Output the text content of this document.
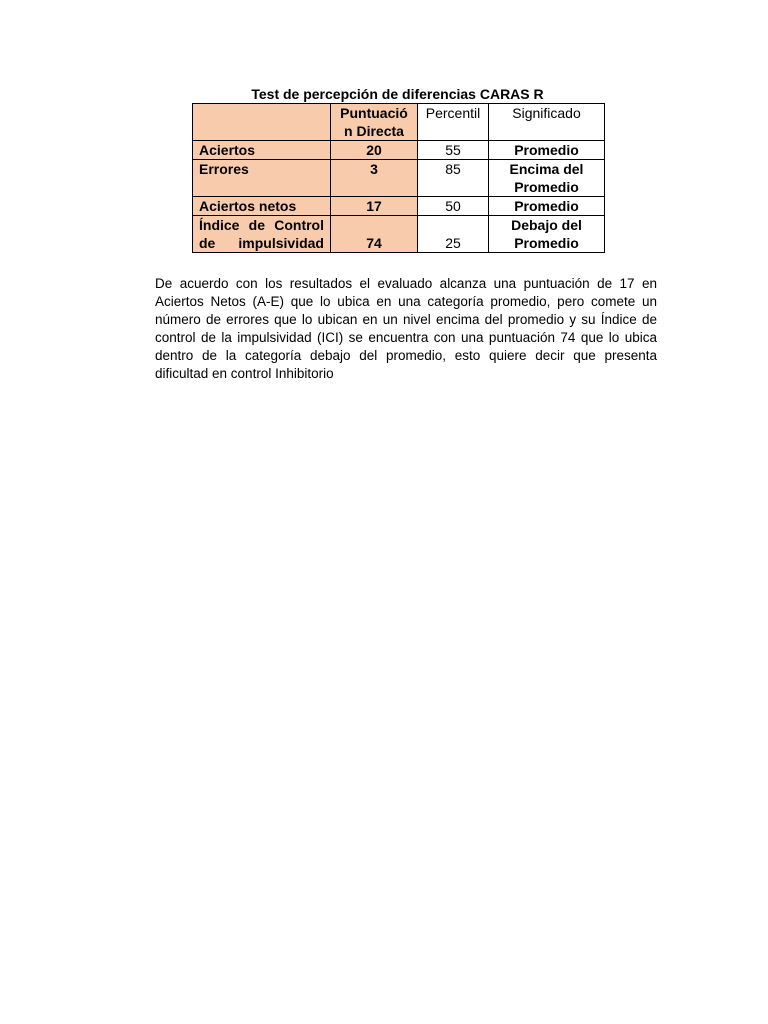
Test de percepción de diferencias CARAS R
	Puntuació n Directa	Percentil	Significado
Aciertos	20	55	Promedio
Errores	3	85	Encima del Promedio
Aciertos netos	17	50	Promedio
Índice de Control de impulsividad	74	25	Debajo del Promedio

De acuerdo con los resultados el evaluado alcanza una puntuación de 17 en Aciertos Netos (A-E) que lo ubica en una categoría promedio, pero comete un número de errores que lo ubican en un nivel encima del promedio y su Índice de control de la impulsividad (ICI) se encuentra con una puntuación 74 que lo ubica dentro de la categoría debajo del promedio, esto quiere decir que presenta dificultad en control Inhibitorio
